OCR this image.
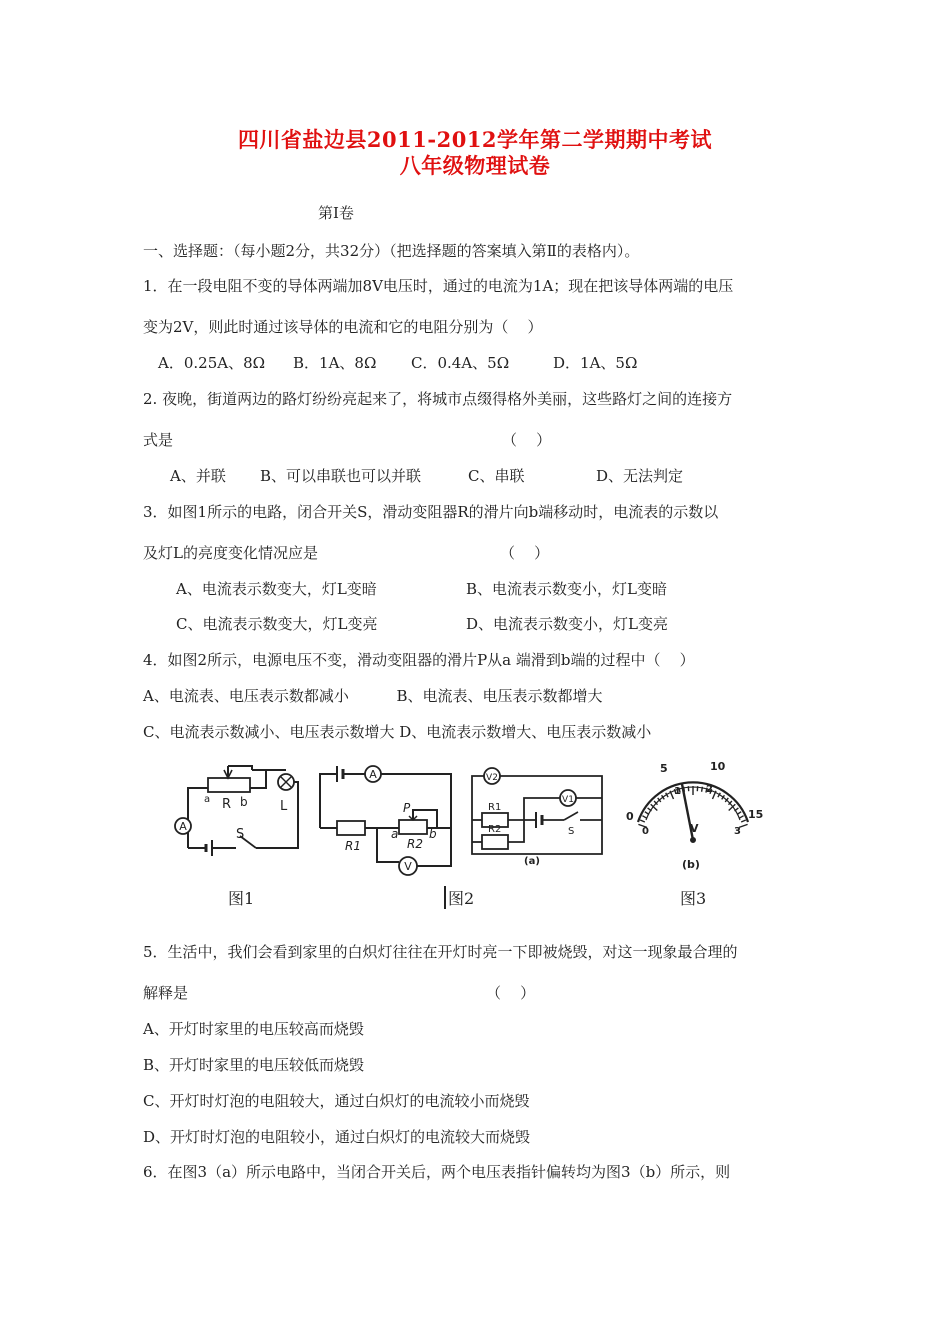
四川省盐边县2011-2012学年第二学期期中考试
八年级物理试卷
第Ⅰ卷
一、选择题：（每小题2分，共32分）（把选择题的答案填入第Ⅱ的表格内）。
1．在一段电阻不变的导体两端加8V电压时，通过的电流为1A；现在把该导体两端的电压
变为2V，则此时通过该导体的电流和它的电阻分别为（    ）
A．0.25A、8Ω B．1A、8Ω C．0.4A、5Ω	D．1A、5Ω
2. 夜晚，街道两边的路灯纷纷亮起来了，将城市点缀得格外美丽，这些路灯之间的连接方
式是	（    ）
A、并联 B、可以串联也可以并联	C、串联	D、无法判定
3．如图1所示的电路，闭合开关S，滑动变阻器R的滑片向b端移动时，电流表的示数以
及灯L的亮度变化情况应是	（    ）
A、电流表示数变大，灯L变暗	B、电流表示数变小，灯L变暗
C、电流表示数变大，灯L变亮	D、电流表示数变小，灯L变亮
4．如图2所示，电源电压不变，滑动变阻器的滑片P从a 端滑到b端的过程中（    ）
A、电流表、电压表示数都减小          B、电流表、电压表示数都增大
C、电流表示数减小、电压表示数增大 D、电流表示数增大、电压表示数减小
A
a R b L
S
A
P
R1
a
R2
b
V
V2
V1
R1
R2	S
(a)
0
5	10
15
0
1	2
3
V
(b)
图1	图2	图3
5．生活中，我们会看到家里的白炽灯往往在开灯时亮一下即被烧毁，对这一现象最合理的
解释是	（    ）
A、开灯时家里的电压较高而烧毁
B、开灯时家里的电压较低而烧毁
C、开灯时灯泡的电阻较大，通过白炽灯的电流较小而烧毁
D、开灯时灯泡的电阻较小，通过白炽灯的电流较大而烧毁
6．在图3（a）所示电路中，当闭合开关后，两个电压表指针偏转均为图3（b）所示，则
